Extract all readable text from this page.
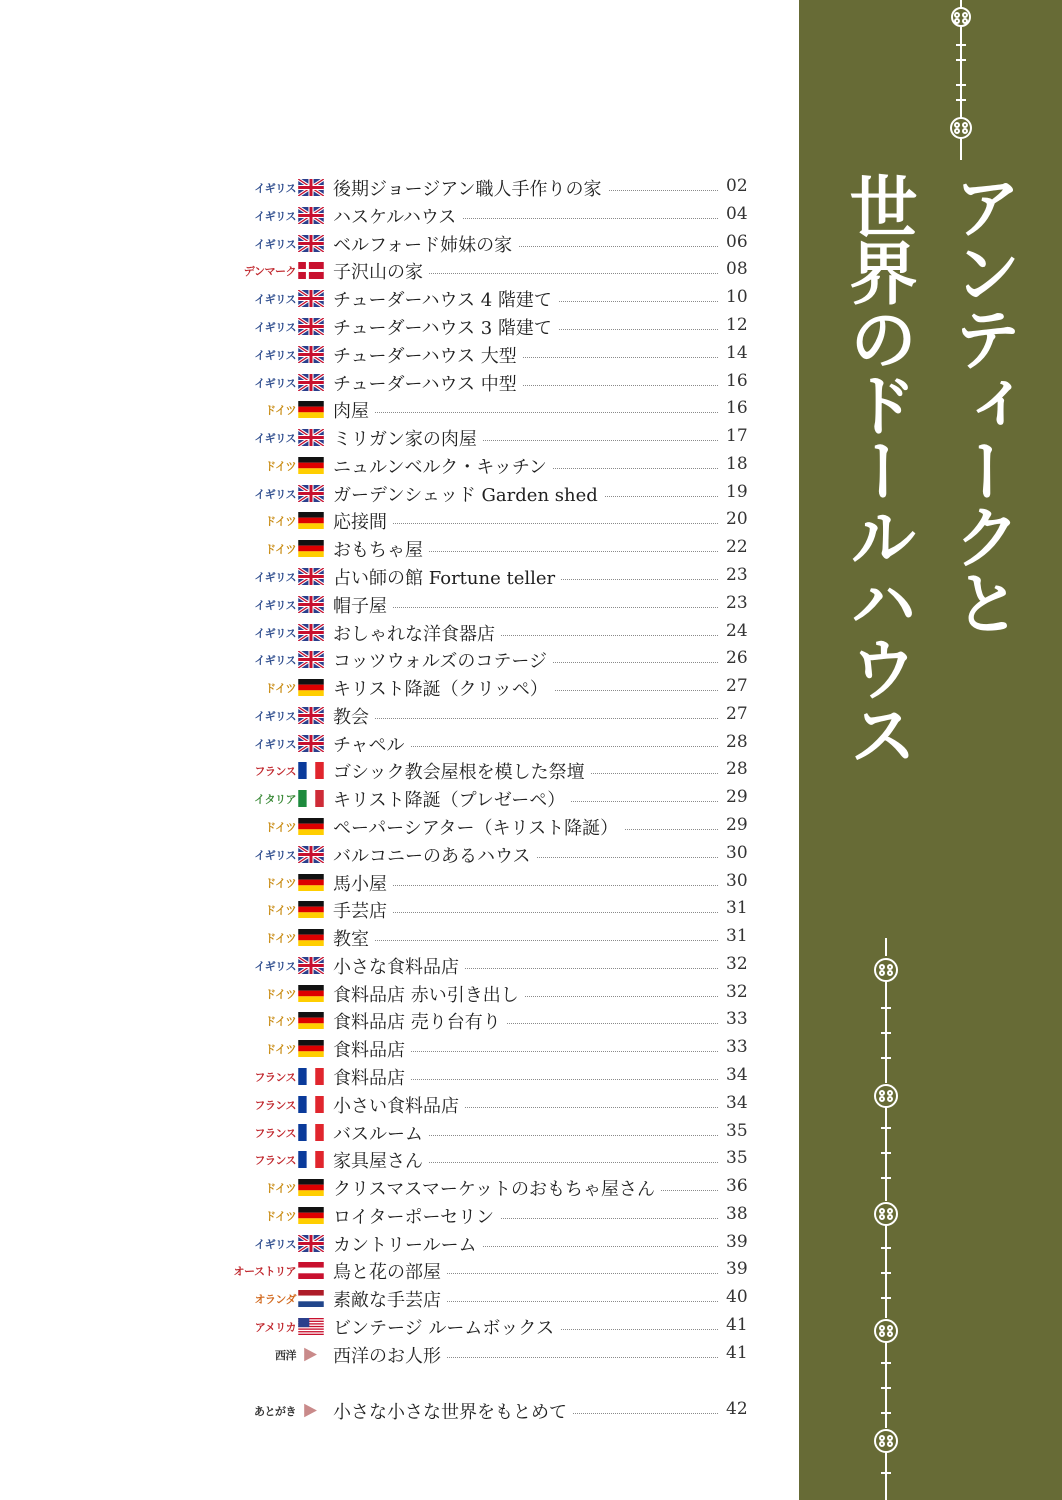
イギリス 後期ジョージアン職人手作りの家	02
イギリス ハスケルハウス	04
イギリス ベルフォード姉妹の家	06
デンマーク 子沢山の家	08
イギリス チューダーハウス 4 階建て	10
イギリス チューダーハウス 3 階建て	12
イギリス チューダーハウス 大型	14
イギリス チューダーハウス 中型	16
ドイツ 肉屋	16
イギリス ミリガン家の肉屋	17
ドイツ ニュルンベルク・キッチン	18
イギリス ガーデンシェッド Garden shed	19
ドイツ 応接間	20
ドイツ おもちゃ屋	22
イギリス 占い師の館 Fortune teller	23
イギリス 帽子屋	23
イギリス おしゃれな洋食器店	24
イギリス コッツウォルズのコテージ	26
ドイツ キリスト降誕（クリッペ）	27
イギリス 教会	27
イギリス チャペル	28
フランス ゴシック教会屋根を模した祭壇	28
イタリア キリスト降誕（プレゼーペ）	29
ドイツ ペーパーシアター（キリスト降誕）	29
イギリス バルコニーのあるハウス	30
ドイツ 馬小屋	30
ドイツ 手芸店	31
ドイツ 教室	31
イギリス 小さな食料品店	32
ドイツ 食料品店 赤い引き出し	32
ドイツ 食料品店 売り台有り	33
ドイツ 食料品店	33
フランス 食料品店	34
フランス 小さい食料品店	34
フランス バスルーム	35
フランス 家具屋さん	35
ドイツ クリスマスマーケットのおもちゃ屋さん	36
ドイツ ロイターポーセリン	38
イギリス カントリールーム	39
オーストリア 鳥と花の部屋	39
オランダ 素敵な手芸店	40
アメリカ ビンテージ ルームボックス	41
西洋 西洋のお人形	41
あとがき 小さな小さな世界をもとめて	42
アンティークと
世界のドールハウス
